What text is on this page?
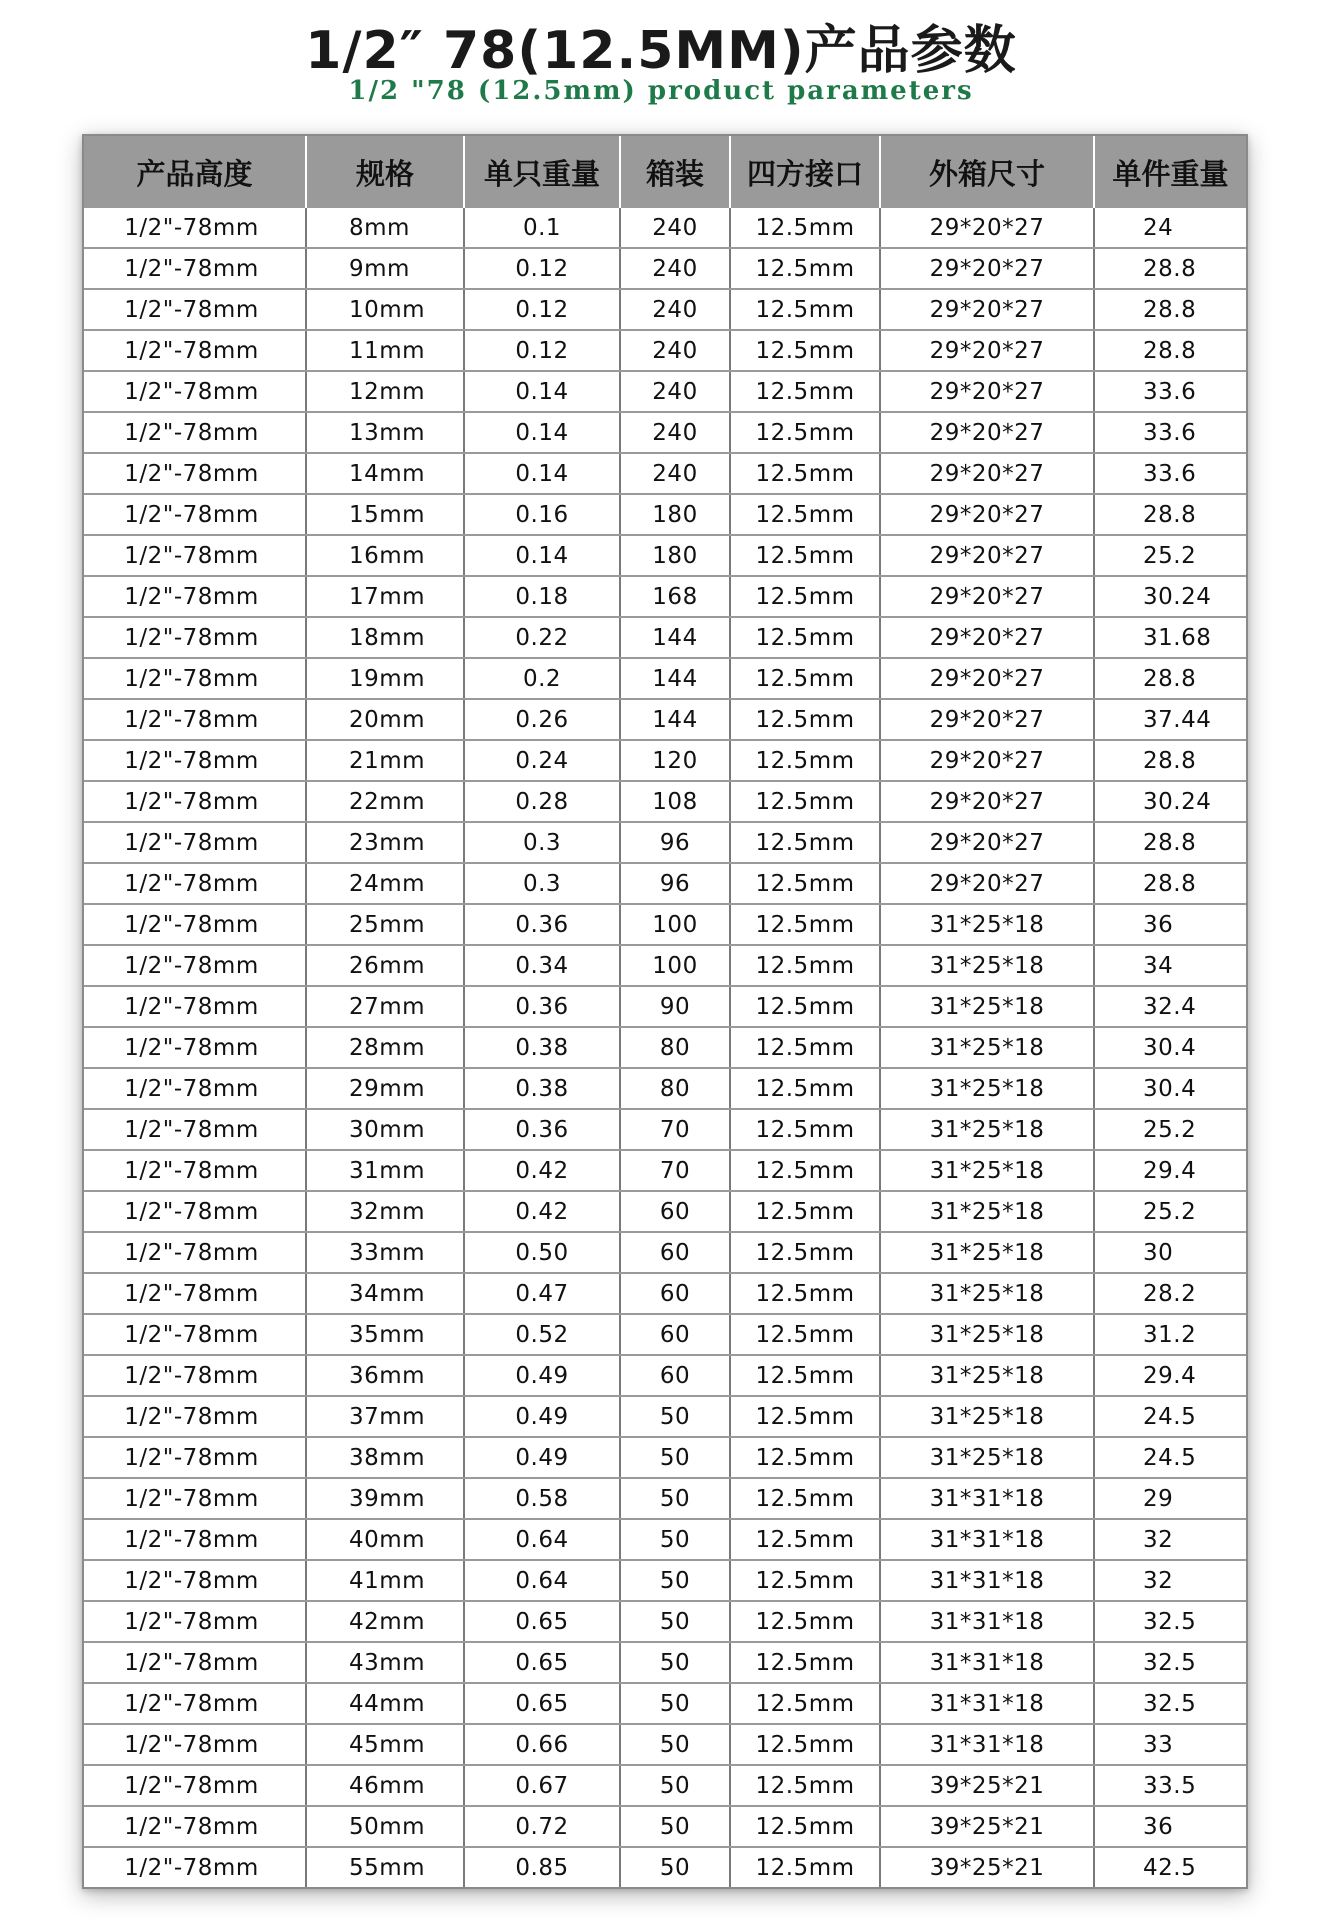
1/2″ 78(12.5MM)产品参数
1/2 "78 (12.5mm) product parameters
产品高度	规格	单只重量	箱装	四方接口	外箱尺寸	单件重量
1/2"-78mm	8mm	0.1	240	12.5mm	29*20*27	24
1/2"-78mm	9mm	0.12	240	12.5mm	29*20*27	28.8
1/2"-78mm	10mm	0.12	240	12.5mm	29*20*27	28.8
1/2"-78mm	11mm	0.12	240	12.5mm	29*20*27	28.8
1/2"-78mm	12mm	0.14	240	12.5mm	29*20*27	33.6
1/2"-78mm	13mm	0.14	240	12.5mm	29*20*27	33.6
1/2"-78mm	14mm	0.14	240	12.5mm	29*20*27	33.6
1/2"-78mm	15mm	0.16	180	12.5mm	29*20*27	28.8
1/2"-78mm	16mm	0.14	180	12.5mm	29*20*27	25.2
1/2"-78mm	17mm	0.18	168	12.5mm	29*20*27	30.24
1/2"-78mm	18mm	0.22	144	12.5mm	29*20*27	31.68
1/2"-78mm	19mm	0.2	144	12.5mm	29*20*27	28.8
1/2"-78mm	20mm	0.26	144	12.5mm	29*20*27	37.44
1/2"-78mm	21mm	0.24	120	12.5mm	29*20*27	28.8
1/2"-78mm	22mm	0.28	108	12.5mm	29*20*27	30.24
1/2"-78mm	23mm	0.3	96	12.5mm	29*20*27	28.8
1/2"-78mm	24mm	0.3	96	12.5mm	29*20*27	28.8
1/2"-78mm	25mm	0.36	100	12.5mm	31*25*18	36
1/2"-78mm	26mm	0.34	100	12.5mm	31*25*18	34
1/2"-78mm	27mm	0.36	90	12.5mm	31*25*18	32.4
1/2"-78mm	28mm	0.38	80	12.5mm	31*25*18	30.4
1/2"-78mm	29mm	0.38	80	12.5mm	31*25*18	30.4
1/2"-78mm	30mm	0.36	70	12.5mm	31*25*18	25.2
1/2"-78mm	31mm	0.42	70	12.5mm	31*25*18	29.4
1/2"-78mm	32mm	0.42	60	12.5mm	31*25*18	25.2
1/2"-78mm	33mm	0.50	60	12.5mm	31*25*18	30
1/2"-78mm	34mm	0.47	60	12.5mm	31*25*18	28.2
1/2"-78mm	35mm	0.52	60	12.5mm	31*25*18	31.2
1/2"-78mm	36mm	0.49	60	12.5mm	31*25*18	29.4
1/2"-78mm	37mm	0.49	50	12.5mm	31*25*18	24.5
1/2"-78mm	38mm	0.49	50	12.5mm	31*25*18	24.5
1/2"-78mm	39mm	0.58	50	12.5mm	31*31*18	29
1/2"-78mm	40mm	0.64	50	12.5mm	31*31*18	32
1/2"-78mm	41mm	0.64	50	12.5mm	31*31*18	32
1/2"-78mm	42mm	0.65	50	12.5mm	31*31*18	32.5
1/2"-78mm	43mm	0.65	50	12.5mm	31*31*18	32.5
1/2"-78mm	44mm	0.65	50	12.5mm	31*31*18	32.5
1/2"-78mm	45mm	0.66	50	12.5mm	31*31*18	33
1/2"-78mm	46mm	0.67	50	12.5mm	39*25*21	33.5
1/2"-78mm	50mm	0.72	50	12.5mm	39*25*21	36
1/2"-78mm	55mm	0.85	50	12.5mm	39*25*21	42.5
